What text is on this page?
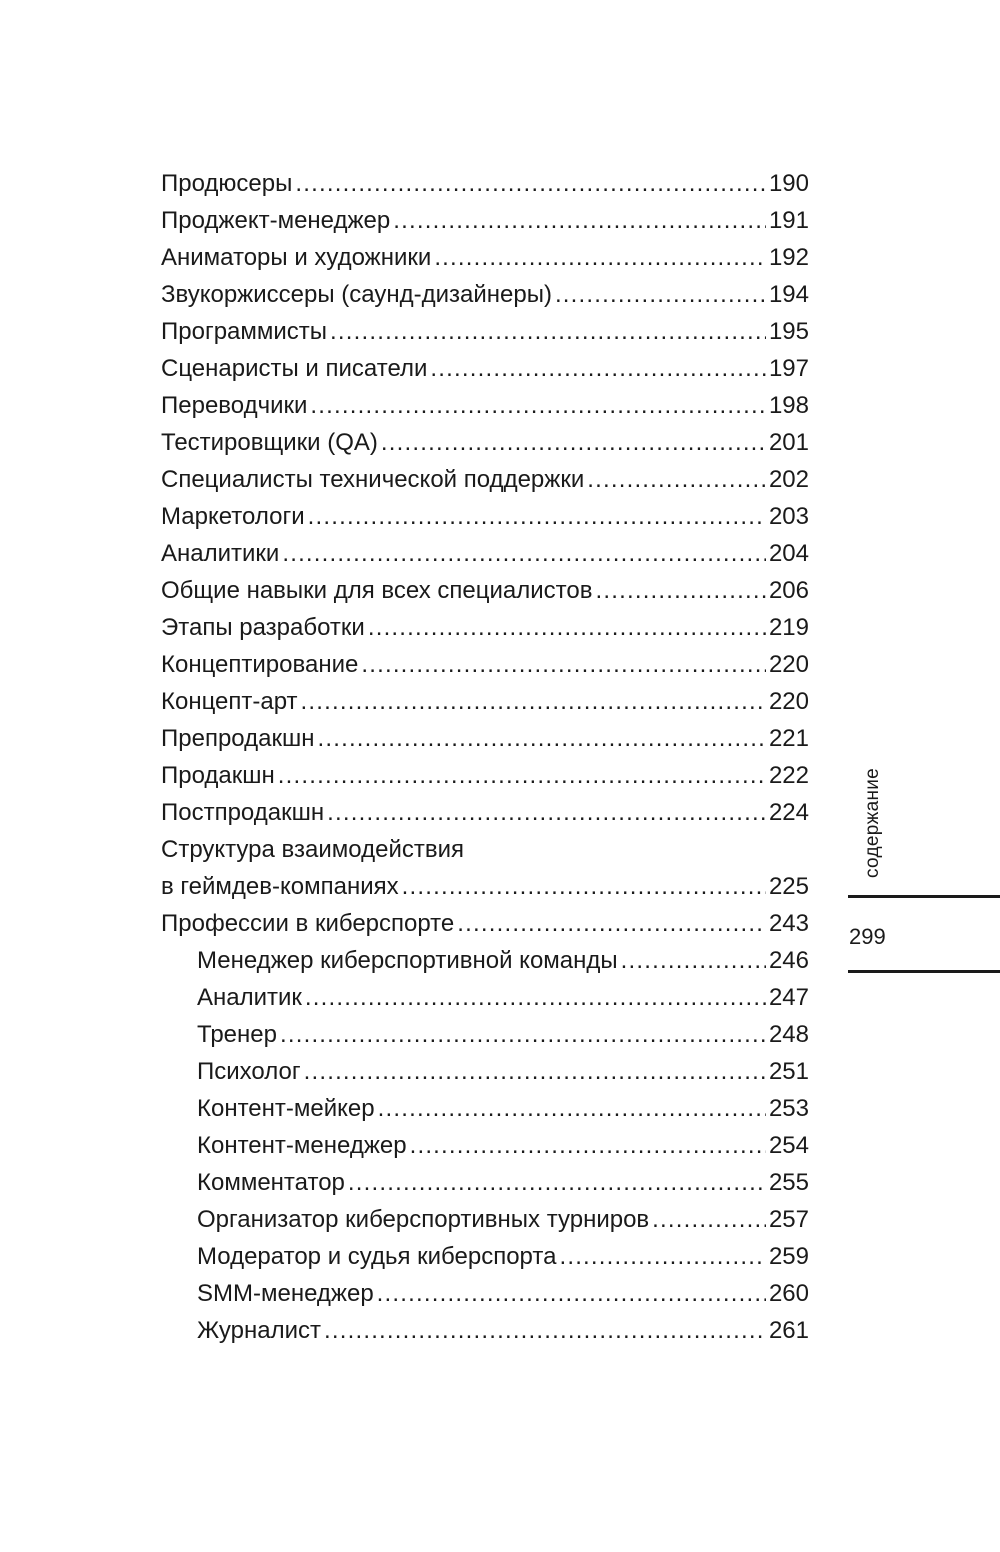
Продюсеры .....	190
Проджект-менеджер .....	191
Аниматоры и художники .....	192
Звукоржиссеры (саунд-дизайнеры) .....	194
Программисты .....	195
Сценаристы и писатели .....	197
Переводчики .....	198
Тестировщики (QA) .....	201
Специалисты технической поддержки .....	202
Маркетологи .....	203
Аналитики .....	204
Общие навыки для всех специалистов .....	206
Этапы разработки .....	219
Концептирование .....	220
Концепт-арт .....	220
Препродакшн .....	221
Продакшн .....	222
Постпродакшн .....	224
Структура взаимодействия
в геймдев-компаниях .....	225
Профессии в киберспорте .....	243
Менеджер киберспортивной команды .....	246
Аналитик .....	247
Тренер .....	248
Психолог .....	251
Контент-мейкер .....	253
Контент-менеджер .....	254
Комментатор .....	255
Организатор киберспортивных турниров .....	257
Модератор и судья киберспорта .....	259
SMM-менеджер .....	260
Журналист .....	261
содержание
299
